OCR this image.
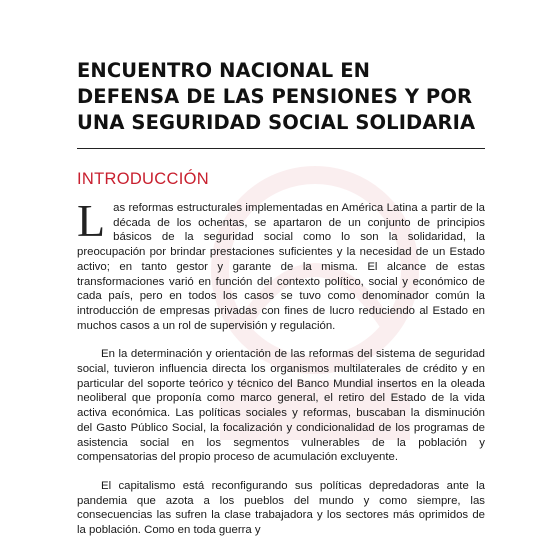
ENCUENTRO NACIONAL EN
DEFENSA DE LAS PENSIONES Y POR
UNA SEGURIDAD SOCIAL SOLIDARIA
INTRODUCCIÓN

Las reformas estructurales implementadas en América Latina a partir de la década de los ochentas, se apartaron de un conjunto de principios básicos de la seguridad social como lo son la solidaridad, la preocupación por brindar prestaciones suficientes y la necesidad de un Estado activo; en tanto gestor y garante de la misma. El alcance de estas transformaciones varió en función del contexto político, social y económico de cada país, pero en todos los casos se tuvo como denominador común la introducción de empresas privadas con fines de lucro reduciendo al Estado en muchos casos a un rol de supervisión y regulación.

En la determinación y orientación de las reformas del sistema de seguridad social, tuvieron influencia directa los organismos multilaterales de crédito y en particular del soporte teórico y técnico del Banco Mundial insertos en la oleada neoliberal que proponía como marco general, el retiro del Estado de la vida activa económica. Las políticas sociales y reformas, buscaban la disminución del Gasto Público Social, la focalización y condicionalidad de los programas de asistencia social en los segmentos vulnerables de la población y compensatorias del propio proceso de acumulación excluyente.

El capitalismo está reconfigurando sus políticas depredadoras ante la pandemia que azota a los pueblos del mundo y como siempre, las consecuencias las sufren la clase trabajadora y los sectores más oprimidos de la población. Como en toda guerra y
